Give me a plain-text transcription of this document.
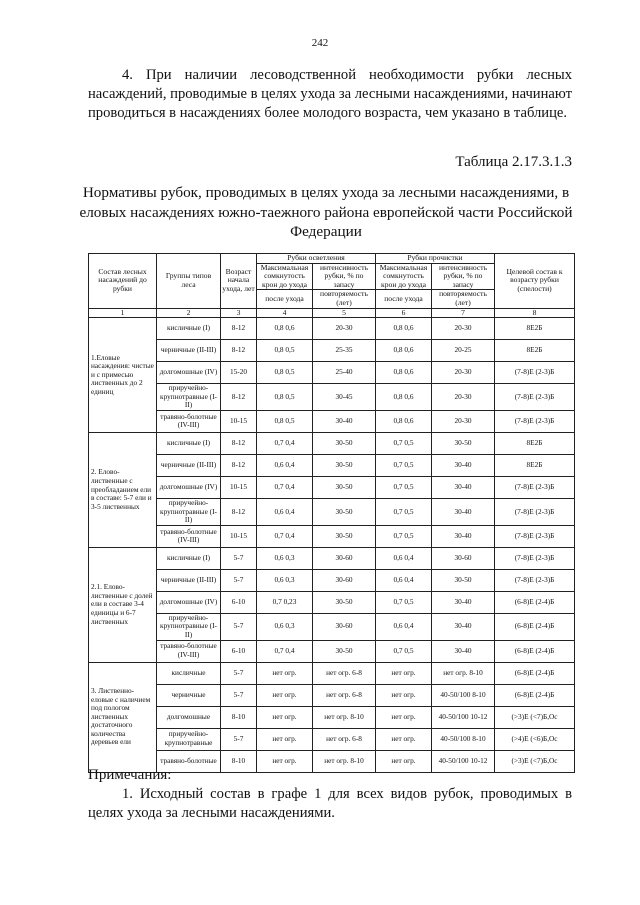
242
4. При наличии лесоводственной необходимости рубки лесных насаждений, проводимые в целях ухода за лесными насаждениями, начинают проводиться в насаждениях более молодого возраста, чем указано в таблице.
Таблица 2.17.3.1.3
Нормативы рубок, проводимых в целях ухода за лесными насаждениями, в еловых насаждениях южно-таежного района европейской части Российской Федерации
Состав лесных насаждений до рубки	Группы типов леса	Возраст начала ухода, лет	Рубки осветления		Рубки прочистки		Целевой состав к возрасту рубки (спелости)
			Максимальная сомкнутость крон до ухода	интенсивность рубки, % по запасу	Максимальная сомкнутость крон до ухода	интенсивность рубки, % по запасу	
			после ухода	повторяемость (лет)	после ухода	повторяемость (лет)	
1	2	3	4	5	6	7	8
1.Еловые насаждения: чистые и с примесью лиственных до 2 единиц	кисличные (I)	8-12	0,8 0,6	20-30	0,8 0,6	20-30	8Е2Б
	черничные (II-III)	8-12	0,8 0,5	25-35	0,8 0,6	20-25	8Е2Б
	долгомошные (IV)	15-20	0,8 0,5	25-40	0,8 0,6	20-30	(7-8)Е (2-3)Б
	приручейно-крупнотравные (I-II)	8-12	0,8 0,5	30-45	0,8 0,6	20-30	(7-8)Е (2-3)Б
	травяно-болотные (IV-III)	10-15	0,8 0,5	30-40	0,8 0,6	20-30	(7-8)Е (2-3)Б
2. Елово-лиственные с преобладанием ели в составе: 5-7 ели и 3-5 лиственных	кисличные (I)	8-12	0,7 0,4	30-50	0,7 0,5	30-50	8Е2Б
	черничные (II-III)	8-12	0,6 0,4	30-50	0,7 0,5	30-40	8Е2Б
	долгомошные (IV)	10-15	0,7 0,4	30-50	0,7 0,5	30-40	(7-8)Е (2-3)Б
	приручейно-крупнотравные (I-II)	8-12	0,6 0,4	30-50	0,7 0,5	30-40	(7-8)Е (2-3)Б
	травяно-болотные (IV-III)	10-15	0,7 0,4	30-50	0,7 0,5	30-40	(7-8)Е (2-3)Б
2.1. Елово-лиственные с долей ели в составе 3-4 единицы и 6-7 лиственных	кисличные (I)	5-7	0,6 0,3	30-60	0,6 0,4	30-60	(7-8)Е (2-3)Б
	черничные (II-III)	5-7	0,6 0,3	30-60	0,6 0,4	30-50	(7-8)Е (2-3)Б
	долгомошные (IV)	6-10	0,7 0,23	30-50	0,7 0,5	30-40	(6-8)Е (2-4)Б
	приручейно-крупнотравные (I-II)	5-7	0,6 0,3	30-60	0,6 0,4	30-40	(6-8)Е (2-4)Б
	травяно-болотные (IV-III)	6-10	0,7 0,4	30-50	0,7 0,5	30-40	(6-8)Е (2-4)Б
3. Лиственно-еловые с наличием под пологом лиственных достаточного количества деревьев ели	кисличные	5-7	нет огр.	нет огр. 6-8	нет огр.	нет огр. 8-10	(6-8)Е (2-4)Б
	черничные	5-7	нет огр.	нет огр. 6-8	нет огр.	40-50/100 8-10	(6-8)Е (2-4)Б
	долгомошные	8-10	нет огр.	нет огр. 8-10	нет огр.	40-50/100 10-12	(>3)Е (<7)Б,Ос
	приручейно-крупнотравные	5-7	нет огр.	нет огр. 6-8	нет огр.	40-50/100 8-10	(>4)Е (<6)Б,Ос
	травяно-болотные	8-10	нет огр.	нет огр. 8-10	нет огр.	40-50/100 10-12	(>3)Е (<7)Б,Ос
Примечания:
1. Исходный состав в графе 1 для всех видов рубок, проводимых в целях ухода за лесными насаждениями.
